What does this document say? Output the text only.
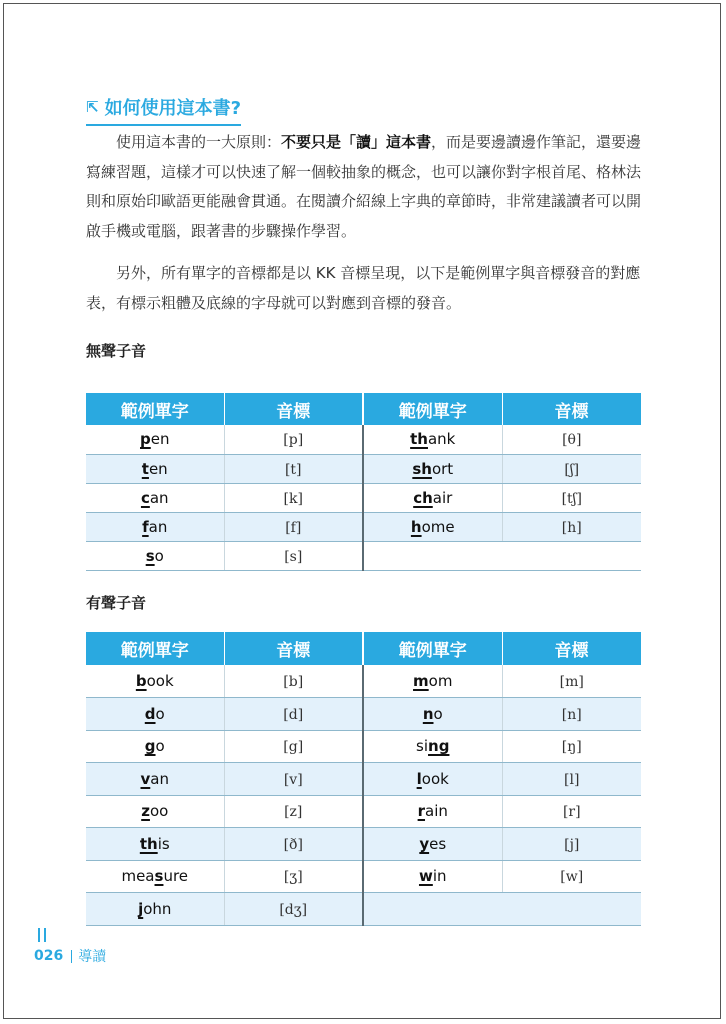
⇱ 如何使用這本書?
使用這本書的一大原則：不要只是「讀」這本書，而是要邊讀邊作筆記，還要邊寫練習題，這樣才可以快速了解一個較抽象的概念，也可以讓你對字根首尾、格林法則和原始印歐語更能融會貫通。在閱讀介紹線上字典的章節時，非常建議讀者可以開啟手機或電腦，跟著書的步驟操作學習。
另外，所有單字的音標都是以 KK 音標呈現，以下是範例單字與音標發音的對應表，有標示粗體及底線的字母就可以對應到音標的發音。
無聲子音
範例單字	音標	範例單字	音標
pen	[p]	thank	[θ]
ten	[t]	short	[ʃ]
can	[k]	chair	[tʃ]
fan	[f]	home	[h]
so	[s]		
有聲子音
範例單字	音標	範例單字	音標
book	[b]	mom	[m]
do	[d]	no	[n]
go	[g]	sing	[ŋ]
van	[v]	look	[l]
zoo	[z]	rain	[r]
this	[ð]	yes	[j]
measure	[ʒ]	win	[w]
john	[dʒ]		
026 導讀
